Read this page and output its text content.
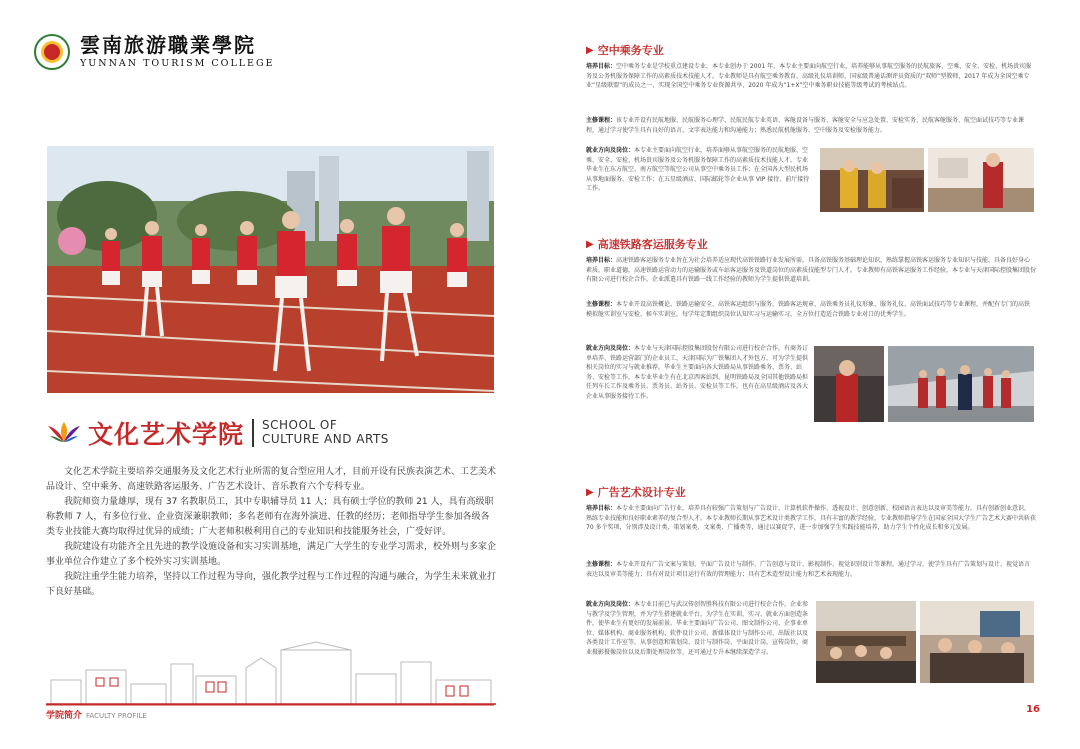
雲南旅游職業學院
YUNNAN TOURISM COLLEGE
文化艺术学院 SCHOOL OF
CULTURE AND ARTS

文化艺术学院主要培养交通服务及文化艺术行业所需的复合型应用人才，目前开设有民族表演艺术、工艺美术品设计、空中乘务、高速铁路客运服务、广告艺术设计、音乐教育六个专科专业。

我院师资力量雄厚，现有 37 名教职员工，其中专职辅导员 11 人；具有硕士学位的教师 21 人，具有高级职称教师 7 人，有多位行业、企业资深兼职教师；多名老师有在海外演进、任教的经历；老师指导学生参加各级各类专业技能大赛均取得过优异的成绩；广大老师积极利用自己的专业知识和技能服务社会，广受好评。

我院建设有功能齐全且先进的教学设施设备和实习实训基地，满足广大学生的专业学习需求，校外则与多家企事业单位合作建立了多个校外实习实训基地。

我院注重学生能力培养，坚持以工作过程为导向，强化教学过程与工作过程的沟通与融合，为学生未来就业打下良好基础。

学院简介 FACULTY PROFILE
▶ 空中乘务专业
培养目标：空中乘务专业是学校重点建设专业，本专业创办于 2001 年，本专业主要面向航空行业，培养能够从事航空服务的民航旅客、空乘、安全、安检、机场贵宾服务及公务机服务保障工作的高素质技术技能人才。专业教师是具有航空乘务教育、高级礼仪培训师、国家级普通话测评员资质的“双师”型教师，2017 年成为全国空乘专业“星级联盟”的成员之一，实现全国空中乘务专业资源共享，2020 年成为“1+X”空中乘务职业技能等级考试的考核站点。
主修课程：该专业开设有民航地服、民航服务心理学、民航民航专业英语、客舱设备与服务、客舱安全与应急处置、安检实务、民航客舱服务、航空面试技巧等专业课程，通过学习使学生具有良好的语言、文字表达能力和沟通能力；熟悉民航机舱服务、空中服务及安检服务能力。
就业方向及岗位：本专业主要面向航空行业，培养面够从事航空服务的民航地服、空乘、安全、安检、机场贵宾服务及公务机服务保障工作的高素质技术技能人才。专业毕业生在东方航空、南方航空等航空公司从事空中乘务员工作；在全国各大型民机场从事地面服务、安检工作；在五星级酒店、国际邮轮等企业从事 VIP 接待、前厅接待工作。
▶ 高速铁路客运服务专业
培养目标：高速铁路客运服务专业旨在为社会培养适应现代高铁铁路行业发展所需，具备高铁服务基础理论知识，熟练掌握高铁客运服务专业知识与技能，具备良好身心素质、职业道德，高速铁路运营动力的运输服务或车站客运服务及铁道岗位的高素质技能型专门人才。专业教师有高铁客运服务工作经验，本专业与天津国际控股集团股份有限公司进行校企合作，企业派遣具有铁路一线工作经验的教师为学生提供铁道培训。
主修课程：本专业开设高铁概论、铁路运输安全、高铁客运组织与服务、铁路客运规章、高铁乘务员礼仪形象、服务礼仪、高铁面试技巧等专业课程，并配有专门的高铁模拟舱实训室与安检、候车实训室，每学年定期组织岗位认知实习与运输实习，全方位打造适合铁路专业对口的优秀学生。
就业方向及岗位：本专业与天津国际控股集团股份有限公司进行校企合作，有商务订单培养、铁路运营部门的企业员工，天津国际为广铁集团人才外包方，可为学生提供相关岗位的实习与就业推荐。毕业生主要面向各大铁路局从事铁路乘务、票务、站务、安检等工作，本专业毕业生有在北京西客站到、昆明铁路局及全国其他铁路局担任列车长工作及乘务员、票务员、站务员、安检员等工作，也有在高星级酒店及各大企业从事服务接待工作。
▶ 广告艺术设计专业
培养目标：本专业主要面向广告行业，培养具有较强广告策划与广告设计、计算机软件操作、透视设计、创意创新、校园语言表达以及审美等能力，具有创新创业意识，熟练专业技能和良好职业素养的复合型人才。本专业教师长期从事艺术设计类教学工作，具有丰富的教学经验，专业教师指导学生在国家全国大学生广告艺术大赛中共斩获 70 多个奖项，分别涉及设计类、策划案类、文案类、广播类等，通过以赛促学，进一步加强学生实践技能培养，助力学生个性化成长和多元发展。
主修课程：本专业开设有广告文案与策划、平面广告设计与制作、广告创意与设计、影视制作、视觉识别设计等课程，通过学习，使学生具有广告策划与设计、视觉语言表达以及审美等能力；具有对设计项目运行有效的管理能力；具有艺术造型设计能力和艺术表现能力。
就业方向及岗位：本专业目前已与武汉传创智胜科技有限公司进行校企合作，企业参与教学及学生管理，并为学生搭建就业平台，为学生在实训、实习、就业方面创造条件，使毕业生有更好的发展前景。毕业主要面向广告公司、图文制作公司、企事业单位、媒体机构、商业服务机构、软件设计公司、新媒体设计与制作公司、出版社以及各类设计工作室等，从事创意和策划岗、设计与制作岗、平面设计岗，宣传岗位，商业摄影摄像岗位以及后期处理岗位等，还可通过专升本继续深造学习。
16
